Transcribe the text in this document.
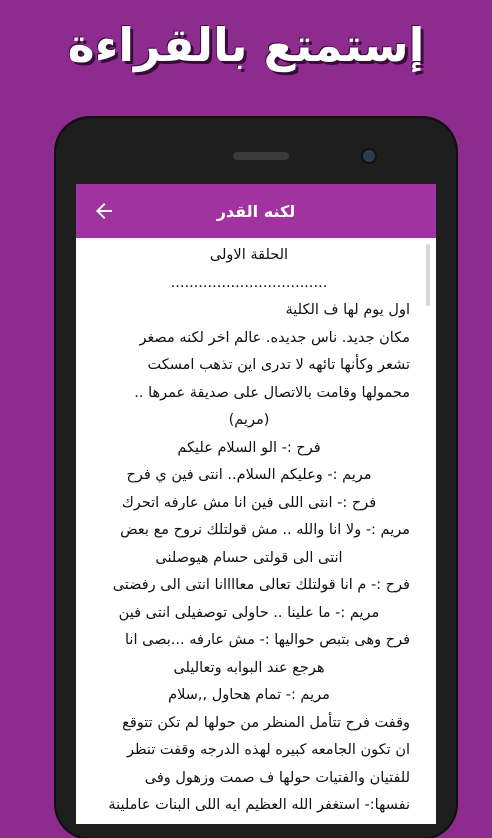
إستمتع بالقراءة
لكنه القدر
الحلقة الاولى
..................................
اول يوم لها ف الكلية
مكان جديد. ناس جديده. عالم اخر لكنه مصغر
تشعر وكأنها تائهه لا تدرى اين تذهب امسكت
محمولها وقامت بالاتصال على صديقة عمرها ..
(مريم)
فرح :- الو السلام عليكم
مريم :- وعليكم السلام.. انتى فين ي فرح
فرح :- انتى اللى فين انا مش عارفه اتحرك
مريم :- ولا انا والله .. مش قولتلك نروح مع بعض
انتى الى قولتى حسام هيوصلنى
فرح :- م انا قولتلك تعالى معاااانا انتى الى رفضتى
مريم :- ما علينا .. حاولى توصفيلى انتى فين
فرح وهى بتبص حواليها :- مش عارفه ...بصى انا
هرجع عند البوابه وتعاليلى
مريم :- تمام هحاول ,,سلام
وقفت فرح تتأمل المنظر من حولها لم تكن تتوقع
ان تكون الجامعه كبيره لهذه الدرجه وقفت تنظر
للفتيان والفتيات حولها ف صمت وزهول وفى
نفسها:- استغفر الله العظيم ايه اللى البنات عاملينة
